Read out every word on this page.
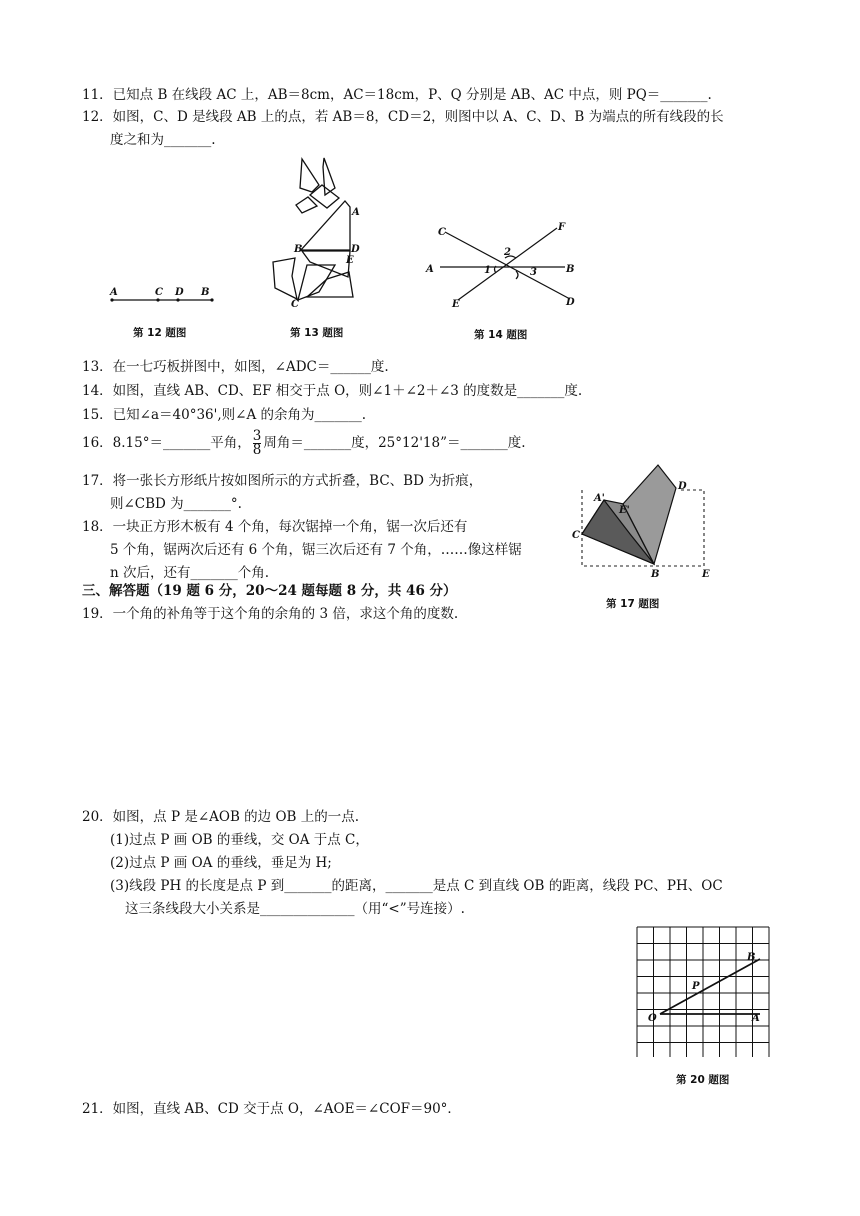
11．已知点 B 在线段 AC 上，AB＝8cm，AC＝18cm，P、Q 分别是 AB、AC 中点，则 PQ＝_______.
12．如图，C、D 是线段 AB 上的点，若 AB＝8，CD＝2，则图中以 A、C、D、B 为端点的所有线段的长
度之和为_______.
A	C D B
第 12 题图
A
B	D
E
C
第 13 题图
C	F
2
A	1	3	B
E	D
第 14 题图
13．在一七巧板拼图中，如图，∠ADC＝______度.
14．如图，直线 AB、CD、EF 相交于点 O，则∠1＋∠2＋∠3 的度数是_______度.
15．已知∠a＝40°36',则∠A 的余角为_______.
16．8.15°＝_______平角， $\frac{3}{8}$ 周角＝_______度，25°12'18”＝_______度.
17．将一张长方形纸片按如图所示的方式折叠，BC、BD 为折痕，
则∠CBD 为_______°.
18．一块正方形木板有 4 个角，每次锯掉一个角，锯一次后还有
5 个角，锯两次后还有 6 个角，锯三次后还有 7 个角，……像这样锯
n 次后，还有_______个角.
A'
E'
D
C
B	E
第 17 题图
三、解答题（19 题 6 分，20～24 题每题 8 分，共 46 分）
19．一个角的补角等于这个角的余角的 3 倍，求这个角的度数.
20．如图，点 P 是∠AOB 的边 OB 上的一点.
(1)过点 P 画 OB 的垂线，交 OA 于点 C，
(2)过点 P 画 OA 的垂线，垂足为 H;
(3)线段 PH 的长度是点 P 到_______的距离，_______是点 C 到直线 OB 的距离，线段 PC、PH、OC
这三条线段大小关系是______________（用“<”号连接）.
B
P
O	A
第 20 题图
21．如图，直线 AB、CD 交于点 O，∠AOE＝∠COF＝90°．
